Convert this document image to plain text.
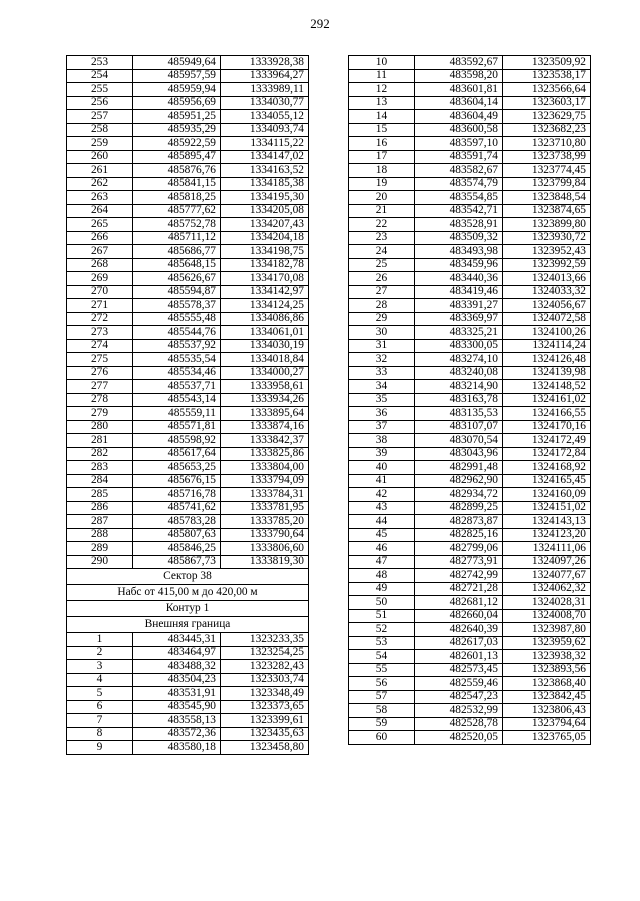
292
253	485949,64	1333928,38
254	485957,59	1333964,27
255	485959,94	1333989,11
256	485956,69	1334030,77
257	485951,25	1334055,12
258	485935,29	1334093,74
259	485922,59	1334115,22
260	485895,47	1334147,02
261	485876,76	1334163,52
262	485841,15	1334185,38
263	485818,25	1334195,30
264	485777,62	1334205,08
265	485752,78	1334207,43
266	485711,12	1334204,18
267	485686,77	1334198,75
268	485648,15	1334182,78
269	485626,67	1334170,08
270	485594,87	1334142,97
271	485578,37	1334124,25
272	485555,48	1334086,86
273	485544,76	1334061,01
274	485537,92	1334030,19
275	485535,54	1334018,84
276	485534,46	1334000,27
277	485537,71	1333958,61
278	485543,14	1333934,26
279	485559,11	1333895,64
280	485571,81	1333874,16
281	485598,92	1333842,37
282	485617,64	1333825,86
283	485653,25	1333804,00
284	485676,15	1333794,09
285	485716,78	1333784,31
286	485741,62	1333781,95
287	485783,28	1333785,20
288	485807,63	1333790,64
289	485846,25	1333806,60
290	485867,73	1333819,30
Сектор 38		
Набс от 415,00 м до 420,00 м		
Контур 1		
Внешняя граница		
1	483445,31	1323233,35
2	483464,97	1323254,25
3	483488,32	1323282,43
4	483504,23	1323303,74
5	483531,91	1323348,49
6	483545,90	1323373,65
7	483558,13	1323399,61
8	483572,36	1323435,63
9	483580,18	1323458,80
10	483592,67	1323509,92
11	483598,20	1323538,17
12	483601,81	1323566,64
13	483604,14	1323603,17
14	483604,49	1323629,75
15	483600,58	1323682,23
16	483597,10	1323710,80
17	483591,74	1323738,99
18	483582,67	1323774,45
19	483574,79	1323799,84
20	483554,85	1323848,54
21	483542,71	1323874,65
22	483528,91	1323899,80
23	483509,32	1323930,72
24	483493,98	1323952,43
25	483459,96	1323992,59
26	483440,36	1324013,66
27	483419,46	1324033,32
28	483391,27	1324056,67
29	483369,97	1324072,58
30	483325,21	1324100,26
31	483300,05	1324114,24
32	483274,10	1324126,48
33	483240,08	1324139,98
34	483214,90	1324148,52
35	483163,78	1324161,02
36	483135,53	1324166,55
37	483107,07	1324170,16
38	483070,54	1324172,49
39	483043,96	1324172,84
40	482991,48	1324168,92
41	482962,90	1324165,45
42	482934,72	1324160,09
43	482899,25	1324151,02
44	482873,87	1324143,13
45	482825,16	1324123,20
46	482799,06	1324111,06
47	482773,91	1324097,26
48	482742,99	1324077,67
49	482721,28	1324062,32
50	482681,12	1324028,31
51	482660,04	1324008,70
52	482640,39	1323987,80
53	482617,03	1323959,62
54	482601,13	1323938,32
55	482573,45	1323893,56
56	482559,46	1323868,40
57	482547,23	1323842,45
58	482532,99	1323806,43
59	482528,78	1323794,64
60	482520,05	1323765,05
